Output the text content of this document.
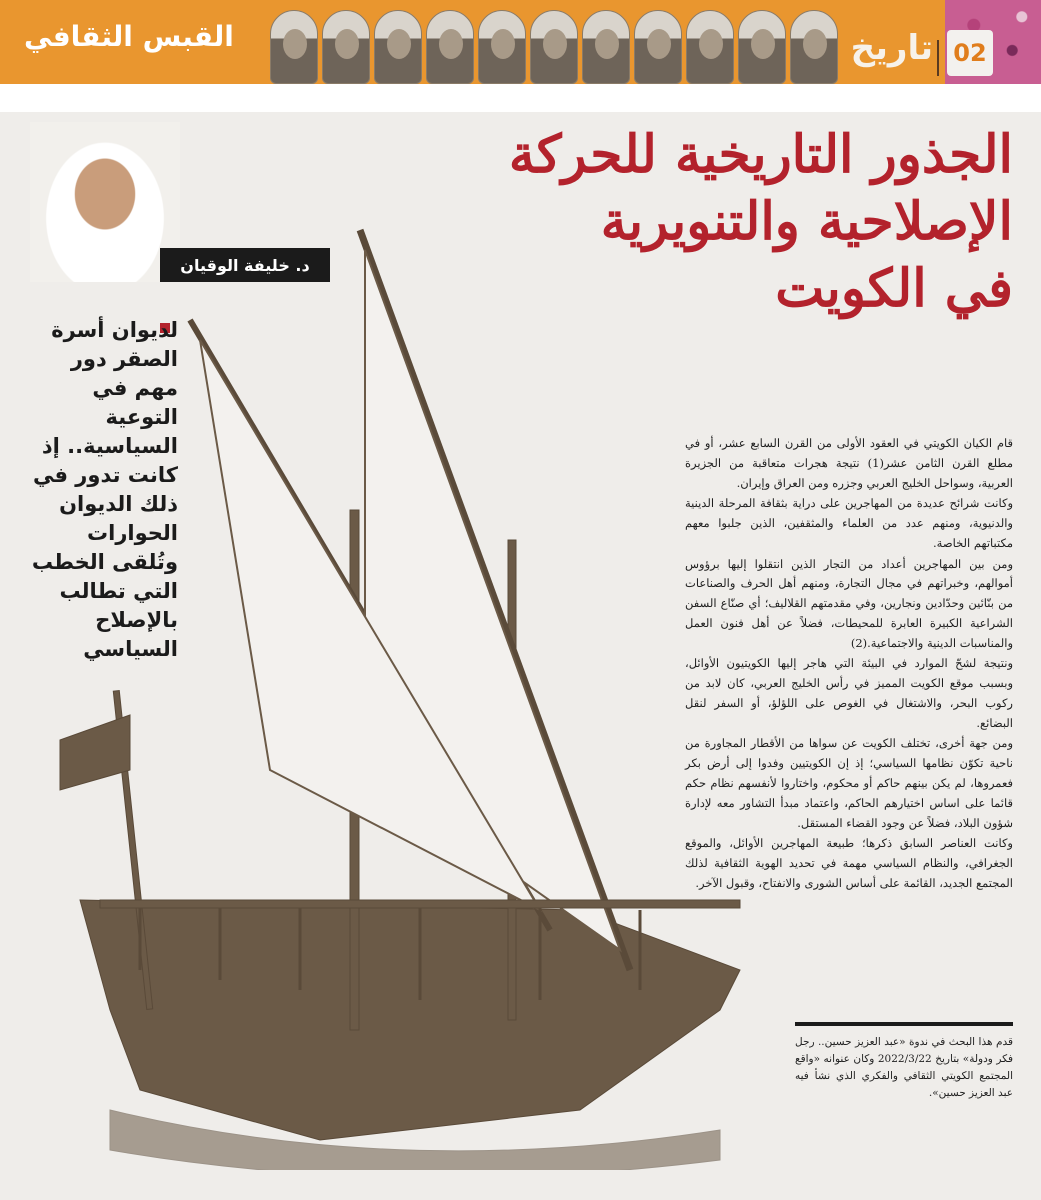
02
تاريخ
القبس الثقافي
د. خليفة الوقيان
الجذور التاريخية للحركة
الإصلاحية والتنويرية
في الكويت
لديوان أسرة الصقر دور مهم في التوعية السياسية.. إذ كانت تدور في ذلك الديوان الحوارات وتُلقى الخطب التي تطالب بالإصلاح السياسي

قام الكيان الكويتي في العقود الأولى من القرن السابع عشر، أو في مطلع القرن الثامن عشر(1) نتيجة هجرات متعاقبة من الجزيرة العربية، وسواحل الخليج العربي وجزره ومن العراق وإيران.

وكانت شرائح عديدة من المهاجرين على دراية بثقافة المرحلة الدينية والدنيوية، ومنهم عدد من العلماء والمثقفين، الذين جلبوا معهم مكتباتهم الخاصة.

ومن بين المهاجرين أعداد من التجار الذين انتقلوا إليها برؤوس أموالهم، وخبراتهم في مجال التجارة، ومنهم أهل الحرف والصناعات من بنّائين وحدّادين ونجارين، وفي مقدمتهم القلاليف؛ أي صنّاع السفن الشراعية الكبيرة العابرة للمحيطات، فضلاً عن أهل فنون العمل والمناسبات الدينية والاجتماعية.(2)

ونتيجة لشحّ الموارد في البيئة التي هاجر إليها الكويتيون الأوائل، وبسبب موقع الكويت المميز في رأس الخليج العربي، كان لابد من ركوب البحر، والاشتغال في الغوص على اللؤلؤ، أو السفر لنقل البضائع.

ومن جهة أخرى، تختلف الكويت عن سواها من الأقطار المجاورة من ناحية تكوّن نظامها السياسي؛ إذ إن الكويتيين وفدوا إلى أرض بكر فعمروها، لم يكن بينهم حاكم أو محكوم، واختاروا لأنفسهم نظام حكم قائما على اساس اختيارهم الحاكم، واعتماد مبدأ التشاور معه لإدارة شؤون البلاد، فضلاً عن وجود القضاء المستقل.

وكانت العناصر السابق ذكرها؛ طبيعة المهاجرين الأوائل، والموقع الجغرافي، والنظام السياسي مهمة في تحديد الهوية الثقافية لذلك المجتمع الجديد، القائمة على أساس الشورى والانفتاح، وقبول الآخر.

قدم هذا البحث في ندوة «عبد العزيز حسين.. رجل فكر ودولة» بتاريخ 2022/3/22 وكان عنوانه «واقع المجتمع الكويتي الثقافي والفكري الذي نشأ فيه عبد العزيز حسين».
